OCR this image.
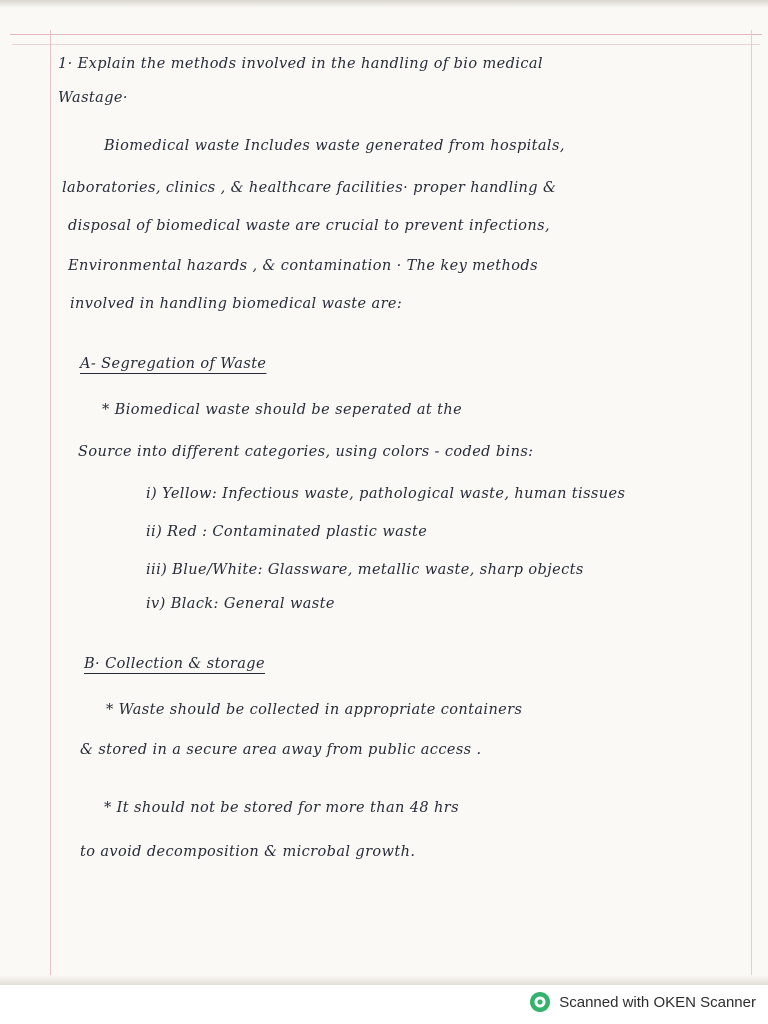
1· Explain the methods involved in the handling of bio medical
Wastage·
Biomedical waste Includes waste generated from hospitals,
laboratories, clinics , & healthcare facilities· proper handling &
disposal of biomedical waste are crucial to prevent infections,
Environmental hazards , & contamination · The key methods
involved in handling biomedical waste are:
A- Segregation of Waste
* Biomedical waste should be seperated at the
Source into different categories, using colors - coded bins:
i) Yellow: Infectious waste, pathological waste, human tissues
ii) Red : Contaminated plastic waste
iii) Blue/White: Glassware, metallic waste, sharp objects
iv) Black: General waste
B· Collection & storage
* Waste should be collected in appropriate containers
& stored in a secure area away from public access .
* It should not be stored for more than 48 hrs
to avoid decomposition & microbal growth.
Scanned with OKEN Scanner
